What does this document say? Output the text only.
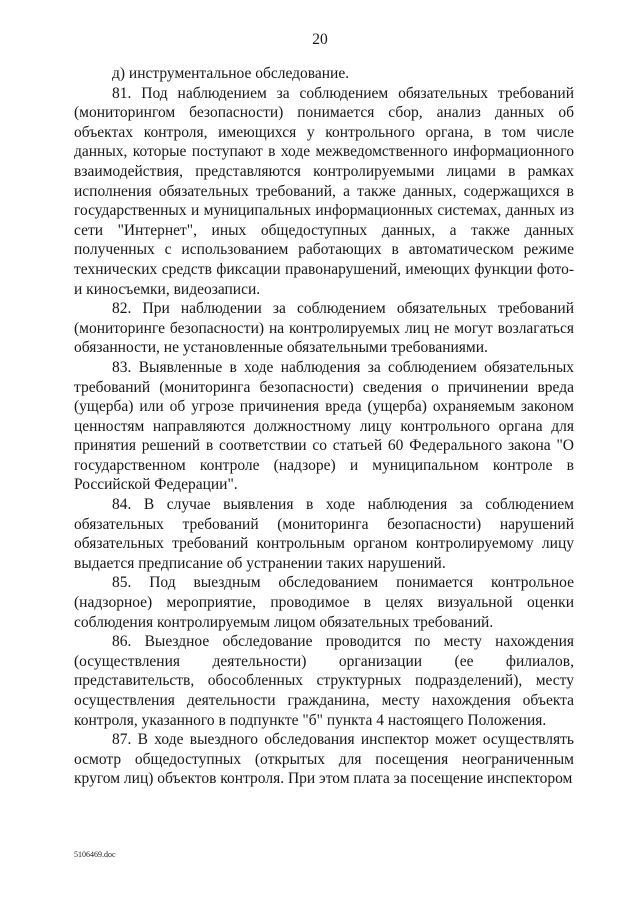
20

д) инструментальное обследование.

81. Под наблюдением за соблюдением обязательных требований (мониторингом безопасности) понимается сбор, анализ данных об объектах контроля, имеющихся у контрольного органа, в том числе данных, которые поступают в ходе межведомственного информационного взаимодействия, представляются контролируемыми лицами в рамках исполнения обязательных требований, а также данных, содержащихся в государственных и муниципальных информационных системах, данных из сети "Интернет", иных общедоступных данных, а также данных полученных с использованием работающих в автоматическом режиме технических средств фиксации правонарушений, имеющих функции фото- и киносъемки, видеозаписи.

82. При наблюдении за соблюдением обязательных требований (мониторинге безопасности) на контролируемых лиц не могут возлагаться обязанности, не установленные обязательными требованиями.

83. Выявленные в ходе наблюдения за соблюдением обязательных требований (мониторинга безопасности) сведения о причинении вреда (ущерба) или об угрозе причинения вреда (ущерба) охраняемым законом ценностям направляются должностному лицу контрольного органа для принятия решений в соответствии со статьей 60 Федерального закона "О государственном контроле (надзоре) и муниципальном контроле в Российской Федерации".

84. В случае выявления в ходе наблюдения за соблюдением обязательных требований (мониторинга безопасности) нарушений обязательных требований контрольным органом контролируемому лицу выдается предписание об устранении таких нарушений.

85. Под выездным обследованием понимается контрольное (надзорное) мероприятие, проводимое в целях визуальной оценки соблюдения контролируемым лицом обязательных требований.

86. Выездное обследование проводится по месту нахождения (осуществления деятельности) организации (ее филиалов, представительств, обособленных структурных подразделений), месту осуществления деятельности гражданина, месту нахождения объекта контроля, указанного в подпункте "б" пункта 4 настоящего Положения.

87. В ходе выездного обследования инспектор может осуществлять осмотр общедоступных (открытых для посещения неограниченным кругом лиц) объектов контроля. При этом плата за посещение инспектором

5106469.doc
